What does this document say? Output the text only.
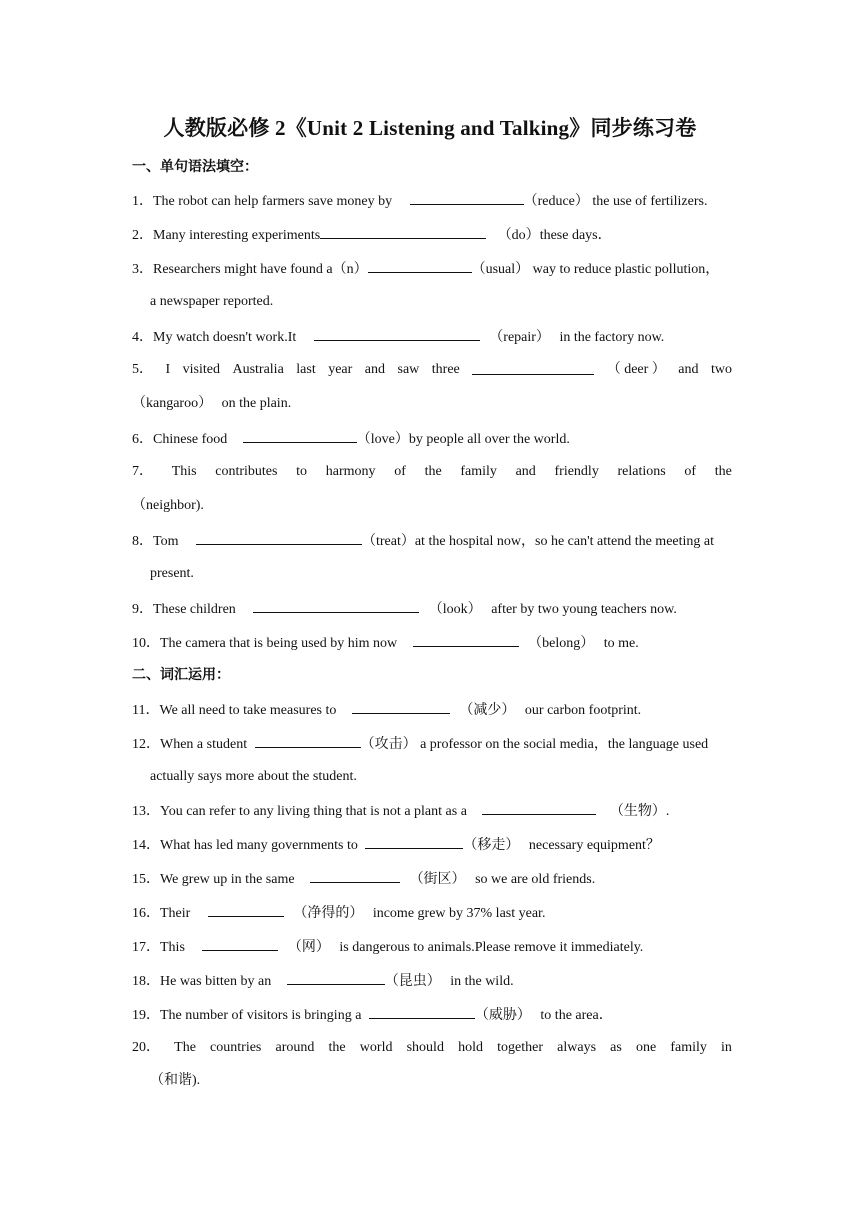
人教版必修 2《Unit 2 Listening and Talking》同步练习卷
一、单句语法填空：
1．The robot can help farmers save money by	（reduce） the use of fertilizers.
2．Many interesting experiments	（do）these days．
3．Researchers might have found a（n）	（usual） way to reduce plastic pollution，
a newspaper reported.
4．My watch doesn't work.It	（repair） in the factory now.
5． I visited Australia last year and saw three	（ deer ） and two
（kangaroo） on the plain.
6．Chinese food	（love）by people all over the world.
7． This contributes to harmony of the family and friendly relations of the
（neighbor).
8．Tom	（treat）at the hospital now，so he can't attend the meeting at
present.
9．These children	（look） after by two young teachers now.
10．The camera that is being used by him now	（belong） to me.
二、词汇运用：
11．We all need to take measures to	（减少） our carbon footprint.
12．When a student	（攻击） a professor on the social media，the language used
actually says more about the student.
13．You can refer to any living thing that is not a plant as a	（生物）.
14．What has led many governments to	（移走） necessary equipment？
15．We grew up in the same	（街区） so we are old friends.
16．Their	（净得的） income grew by 37% last year.
17．This	（网） is dangerous to animals.Please remove it immediately.
18．He was bitten by an	（昆虫） in the wild.
19．The number of visitors is bringing a	（威胁） to the area．
20． The countries around the world should hold together always as one family in
（和谐).
